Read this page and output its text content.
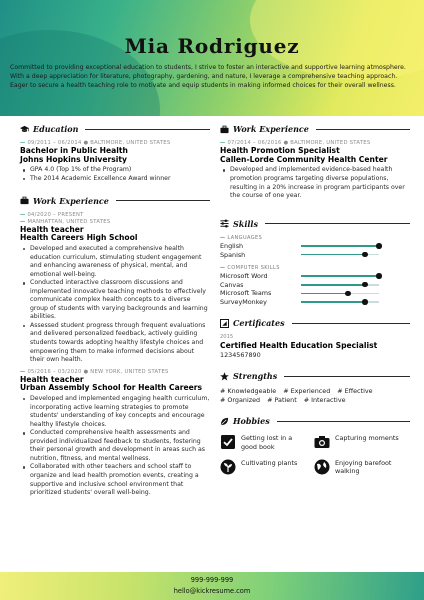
Mia Rodriguez
Committed to providing exceptional education to students, I strive to foster an interactive and supportive learning atmosphere. With a deep appreciation for literature, photography, gardening, and nature, I leverage a comprehensive teaching approach. Eager to secure a health teaching role to motivate and equip students in making informed choices for their overall wellness.
Education
— 09/2011 – 06/2014 ● BALTIMORE, UNITED STATES
Bachelor in Public Health
Johns Hopkins University
GPA 4.0 (Top 1% of the Program)
The 2014 Academic Excellence Award winner
Work Experience
— 04/2020 – PRESENT
— MANHATTAN, UNITED STATES
Health teacher
Health Careers High School
Developed and executed a comprehensive health education curriculum, stimulating student engagement and enhancing awareness of physical, mental, and emotional well-being.
Conducted interactive classroom discussions and implemented innovative teaching methods to effectively communicate complex health concepts to a diverse group of students with varying backgrounds and learning abilities.
Assessed student progress through frequent evaluations and delivered personalized feedback, actively guiding students towards adopting healthy lifestyle choices and empowering them to make informed decisions about their own health.
— 05/2016 – 03/2020 ● NEW YORK, UNITED STATES
Health teacher
Urban Assembly School for Health Careers
Developed and implemented engaging health curriculum, incorporating active learning strategies to promote students' understanding of key concepts and encourage healthy lifestyle choices.
Conducted comprehensive health assessments and provided individualized feedback to students, fostering their personal growth and development in areas such as nutrition, fitness, and mental wellness.
Collaborated with other teachers and school staff to organize and lead health promotion events, creating a supportive and inclusive school environment that prioritized students' overall well-being.
Work Experience
— 07/2014 – 06/2016 ● BALTIMORE, UNITED STATES
Health Promotion Specialist
Callen-Lorde Community Health Center
Developed and implemented evidence-based health promotion programs targeting diverse populations, resulting in a 20% increase in program participants over the course of one year.
Skills
— LANGUAGES
English
Spanish
— COMPUTER SKILLS
Microsoft Word
Canvas
Microsoft Teams
SurveyMonkey
Certificates
2015
Certified Health Education Specialist
1234567890
Strengths
# Knowledgeable # Experienced # Effective
# Organized # Patient # Interactive
Hobbies
Getting lost in a good book
Capturing moments
Cultivating plants	Enjoying barefoot walking
999-999-999
hello@kickresume.com
